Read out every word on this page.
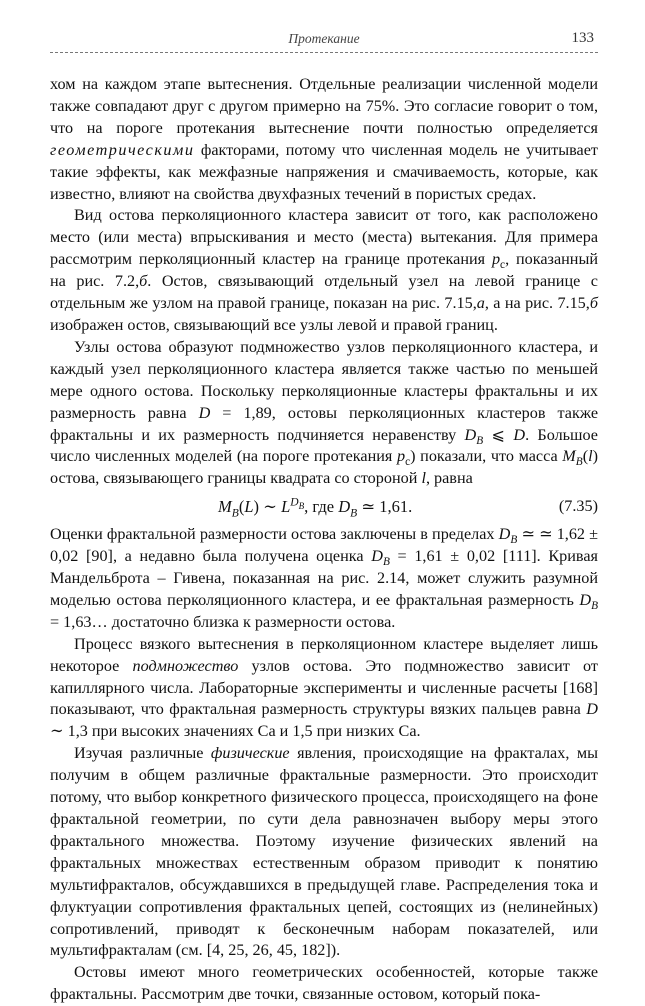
Протекание	133

хом на каждом этапе вытеснения. Отдельные реализации численной модели также совпадают друг с другом примерно на 75%. Это согласие говорит о том, что на пороге протекания вытеснение почти полностью определяется геометрическими факторами, потому что численная модель не учитывает такие эффекты, как межфазные напряжения и смачиваемость, которые, как известно, влияют на свойства двухфазных течений в пористых средах.

Вид остова перколяционного кластера зависит от того, как расположено место (или места) впрыскивания и место (места) вытекания. Для примера рассмотрим перколяционный кластер на границе протекания $p_c$, показанный на рис. 7.2,б. Остов, связывающий отдельный узел на левой границе с отдельным же узлом на правой границе, показан на рис. 7.15,а, а на рис. 7.15,б изображен остов, связывающий все узлы левой и правой границ.

Узлы остова образуют подмножество узлов перколяционного кластера, и каждый узел перколяционного кластера является также частью по меньшей мере одного остова. Поскольку перколяционные кластеры фрактальны и их размерность равна D = 1,89, остовы перколяционных кластеров также фрактальны и их размерность подчиняется неравенству $D_B$ ⩽ D. Большое число численных моделей (на пороге протекания $p_c$) показали, что масса $M_B(l)$ остова, связывающего границы квадрата со стороной l, равна

$M_B(L)$ ∼ $L^{DB}$, где $D_B$ ≃ 1,61.	(7.35)

Оценки фрактальной размерности остова заключены в пределах $D_B$ ≃ ≃ 1,62 ± 0,02 [90], а недавно была получена оценка $D_B = 1,61 \pm 0,02$ [111]. Кривая Мандельброта – Гивена, показанная на рис. 2.14, может служить разумной моделью остова перколяционного кластера, и ее фрактальная размерность $D_B$ = 1,63… достаточно близка к размерности остова.

Процесс вязкого вытеснения в перколяционном кластере выделяет лишь некоторое подмножество узлов остова. Это подмножество зависит от капиллярного числа. Лабораторные эксперименты и численные расчеты [168] показывают, что фрактальная размерность структуры вязких пальцев равна D ∼ 1,3 при высоких значениях Ca и 1,5 при низких Ca.

Изучая различные физические явления, происходящие на фракталах, мы получим в общем различные фрактальные размерности. Это происходит потому, что выбор конкретного физического процесса, происходящего на фоне фрактальной геометрии, по сути дела равнозначен выбору меры этого фрактального множества. Поэтому изучение физических явлений на фрактальных множествах естественным образом приводит к понятию мультифракталов, обсуждавшихся в предыдущей главе. Распределения тока и флуктуации сопротивления фрактальных цепей, состоящих из (нелинейных) сопротивлений, приводят к бесконечным наборам показателей, или мультифракталам (см. [4, 25, 26, 45, 182]).

Остовы имеют много геометрических особенностей, которые также фрактальны. Рассмотрим две точки, связанные остовом, который пока-
